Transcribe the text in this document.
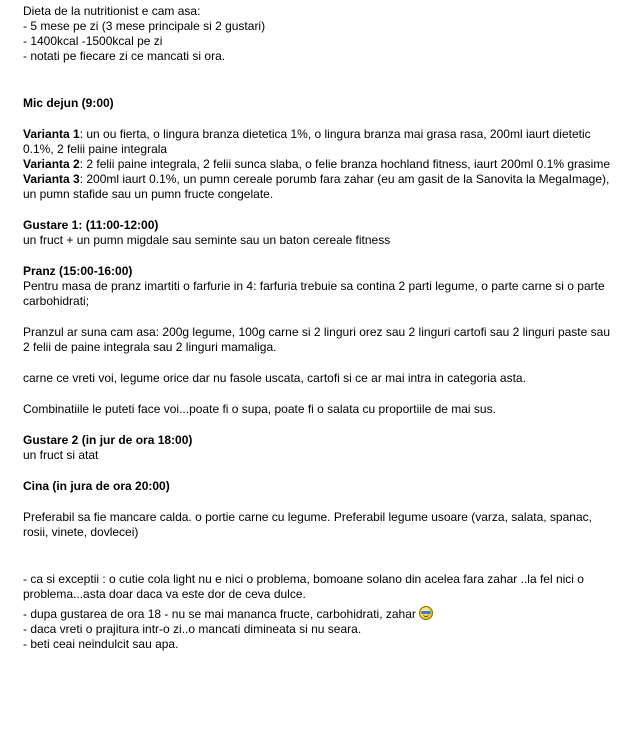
Dieta de la nutritionist e cam asa:
- 5 mese pe zi (3 mese principale si 2 gustari)
- 1400kcal -1500kcal pe zi
- notati pe fiecare zi ce mancati si ora.
Mic dejun (9:00)

Varianta 1: un ou fierta, o lingura branza dietetica 1%, o lingura branza mai grasa rasa, 200ml iaurt dietetic 0.1%, 2 felii paine integrala

Varianta 2: 2 felii paine integrala, 2 felii sunca slaba, o felie branza hochland fitness, iaurt 200ml 0.1% grasime

Varianta 3: 200ml iaurt 0.1%, un pumn cereale porumb fara zahar (eu am gasit de la Sanovita la MegaImage), un pumn stafide sau un pumn fructe congelate.

Gustare 1: (11:00-12:00)
un fruct + un pumn migdale sau seminte sau un baton cereale fitness
Pranz (15:00-16:00)

Pentru masa de pranz imartiti o farfurie in 4: farfuria trebuie sa contina 2 parti legume, o parte carne si o parte carbohidrati;

Pranzul ar suna cam asa: 200g legume, 100g carne si 2 linguri orez sau 2 linguri cartofi sau 2 linguri paste sau 2 felii de paine integrala sau 2 linguri mamaliga.

carne ce vreti voi, legume orice dar nu fasole uscata, cartofi si ce ar mai intra in categoria asta.

Combinatiile le puteti face voi...poate fi o supa, poate fi o salata cu proportiile de mai sus.

Gustare 2 (in jur de ora 18:00)
un fruct si atat
Cina (in jura de ora 20:00)

Preferabil sa fie mancare calda. o portie carne cu legume. Preferabil legume usoare (varza, salata, spanac, rosii, vinete, dovlecei)

- ca si exceptii : o cutie cola light nu e nici o problema, bomoane solano din acelea fara zahar ..la fel nici o problema...asta doar daca va este dor de ceva dulce.

- dupa gustarea de ora 18 - nu se mai mananca fructe, carbohidrati, zahar

- daca vreti o prajitura intr-o zi..o mancati dimineata si nu seara.

- beti ceai neindulcit sau apa.
